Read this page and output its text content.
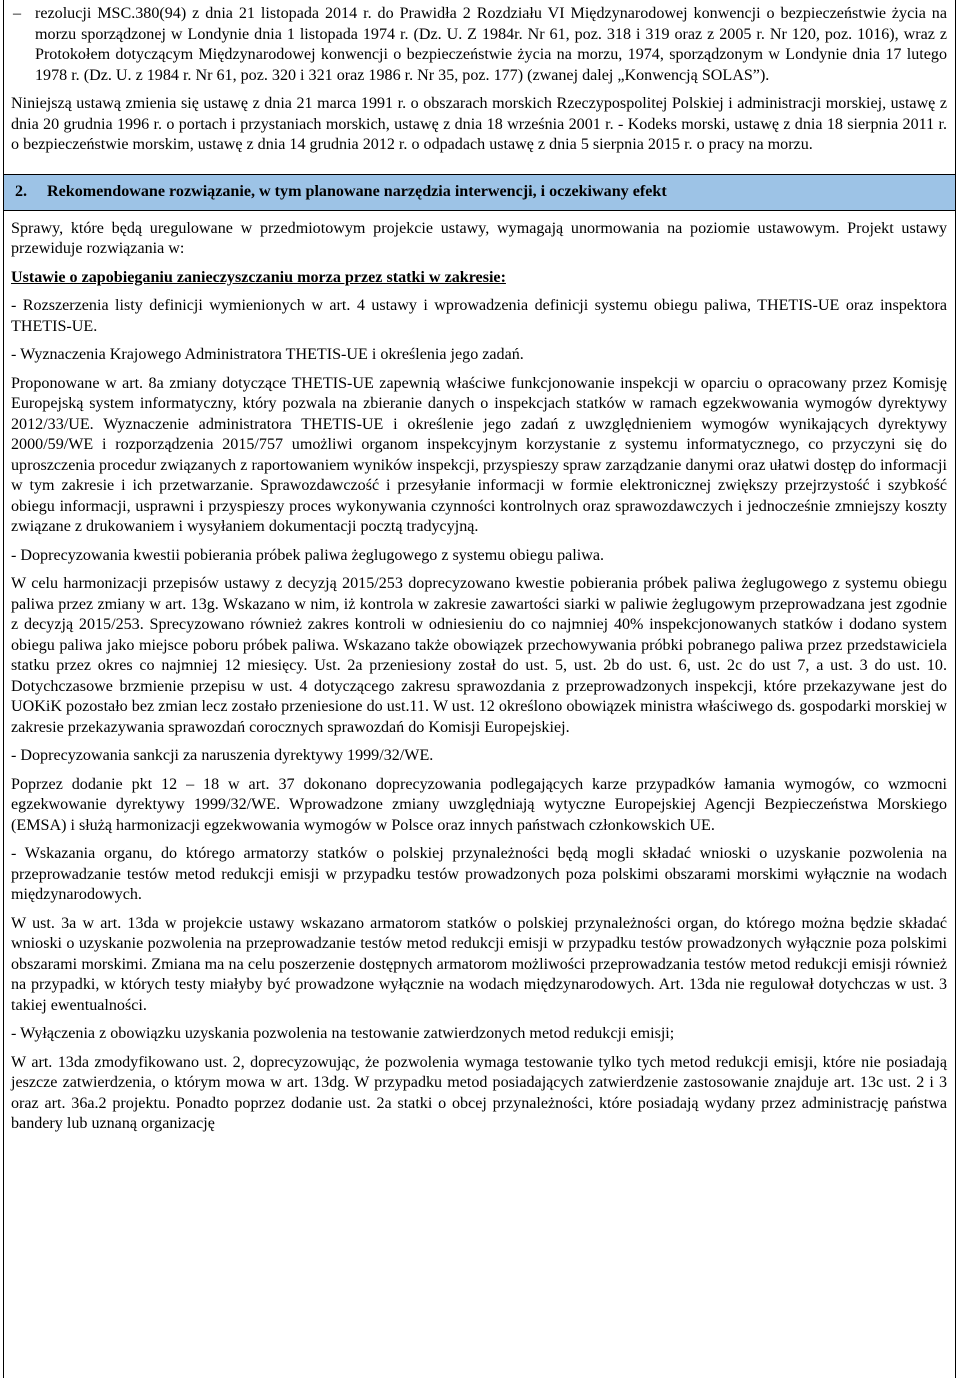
– rezolucji MSC.380(94) z dnia 21 listopada 2014 r. do Prawidła 2 Rozdziału VI Międzynarodowej konwencji o bezpieczeństwie życia na morzu sporządzonej w Londynie dnia 1 listopada 1974 r. (Dz. U. Z 1984r. Nr 61, poz. 318 i 319 oraz z 2005 r. Nr 120, poz. 1016), wraz z Protokołem dotyczącym Międzynarodowej konwencji o bezpieczeństwie życia na morzu, 1974, sporządzonym w Londynie dnia 17 lutego 1978 r. (Dz. U. z 1984 r. Nr 61, poz. 320 i 321 oraz 1986 r. Nr 35, poz. 177) (zwanej dalej „Konwencją SOLAS”).

Niniejszą ustawą zmienia się ustawę z dnia 21 marca 1991 r. o obszarach morskich Rzeczypospolitej Polskiej i administracji morskiej, ustawę z dnia 20 grudnia 1996 r. o portach i przystaniach morskich, ustawę z dnia 18 września 2001 r. - Kodeks morski, ustawę z dnia 18 sierpnia 2011 r. o bezpieczeństwie morskim, ustawę z dnia 14 grudnia 2012 r. o odpadach ustawę z dnia 5 sierpnia 2015 r. o pracy na morzu.

2.	Rekomendowane rozwiązanie, w tym planowane narzędzia interwencji, i oczekiwany efekt

Sprawy, które będą uregulowane w przedmiotowym projekcie ustawy, wymagają unormowania na poziomie ustawowym. Projekt ustawy przewiduje rozwiązania w:

Ustawie o zapobieganiu zanieczyszczaniu morza przez statki w zakresie:

- Rozszerzenia listy definicji wymienionych w art. 4 ustawy i wprowadzenia definicji systemu obiegu paliwa, THETIS-UE oraz inspektora THETIS-UE.

- Wyznaczenia Krajowego Administratora THETIS-UE i określenia jego zadań.

Proponowane w art. 8a zmiany dotyczące THETIS-UE zapewnią właściwe funkcjonowanie inspekcji w oparciu o opracowany przez Komisję Europejską system informatyczny, który pozwala na zbieranie danych o inspekcjach statków w ramach egzekwowania wymogów dyrektywy 2012/33/UE. Wyznaczenie administratora THETIS-UE i określenie jego zadań z uwzględnieniem wymogów wynikających dyrektywy 2000/59/WE i rozporządzenia 2015/757 umożliwi organom inspekcyjnym korzystanie z systemu informatycznego, co przyczyni się do uproszczenia procedur związanych z raportowaniem wyników inspekcji, przyspieszy spraw zarządzanie danymi oraz ułatwi dostęp do informacji w tym zakresie i ich przetwarzanie. Sprawozdawczość i przesyłanie informacji w formie elektronicznej zwiększy przejrzystość i szybkość obiegu informacji, usprawni i przyspieszy proces wykonywania czynności kontrolnych oraz sprawozdawczych i jednocześnie zmniejszy koszty związane z drukowaniem i wysyłaniem dokumentacji pocztą tradycyjną.

- Doprecyzowania kwestii pobierania próbek paliwa żeglugowego z systemu obiegu paliwa.

W celu harmonizacji przepisów ustawy z decyzją 2015/253 doprecyzowano kwestie pobierania próbek paliwa żeglugowego z systemu obiegu paliwa przez zmiany w art. 13g. Wskazano w nim, iż kontrola w zakresie zawartości siarki w paliwie żeglugowym przeprowadzana jest zgodnie z decyzją 2015/253. Sprecyzowano również zakres kontroli w odniesieniu do co najmniej 40% inspekcjonowanych statków i dodano system obiegu paliwa jako miejsce poboru próbek paliwa. Wskazano także obowiązek przechowywania próbki pobranego paliwa przez przedstawiciela statku przez okres co najmniej 12 miesięcy. Ust. 2a przeniesiony został do ust. 5, ust. 2b do ust. 6, ust. 2c do ust 7, a ust. 3 do ust. 10. Dotychczasowe brzmienie przepisu w ust. 4 dotyczącego zakresu sprawozdania z przeprowadzonych inspekcji, które przekazywane jest do UOKiK pozostało bez zmian lecz zostało przeniesione do ust.11. W ust. 12 określono obowiązek ministra właściwego ds. gospodarki morskiej w zakresie przekazywania sprawozdań corocznych sprawozdań do Komisji Europejskiej.

- Doprecyzowania sankcji za naruszenia dyrektywy 1999/32/WE.

Poprzez dodanie pkt 12 – 18 w art. 37 dokonano doprecyzowania podlegających karze przypadków łamania wymogów, co wzmocni egzekwowanie dyrektywy 1999/32/WE. Wprowadzone zmiany uwzględniają wytyczne Europejskiej Agencji Bezpieczeństwa Morskiego (EMSA) i służą harmonizacji egzekwowania wymogów w Polsce oraz innych państwach członkowskich UE.

- Wskazania organu, do którego armatorzy statków o polskiej przynależności będą mogli składać wnioski o uzyskanie pozwolenia na przeprowadzanie testów metod redukcji emisji w przypadku testów prowadzonych poza polskimi obszarami morskimi wyłącznie na wodach międzynarodowych.

W ust. 3a w art. 13da w projekcie ustawy wskazano armatorom statków o polskiej przynależności organ, do którego można będzie składać wnioski o uzyskanie pozwolenia na przeprowadzanie testów metod redukcji emisji w przypadku testów prowadzonych wyłącznie poza polskimi obszarami morskimi. Zmiana ma na celu poszerzenie dostępnych armatorom możliwości przeprowadzania testów metod redukcji emisji również na przypadki, w których testy miałyby być prowadzone wyłącznie na wodach międzynarodowych. Art. 13da nie regulował dotychczas w ust. 3 takiej ewentualności.

- Wyłączenia z obowiązku uzyskania pozwolenia na testowanie zatwierdzonych metod redukcji emisji;

W art. 13da zmodyfikowano ust. 2, doprecyzowując, że pozwolenia wymaga testowanie tylko tych metod redukcji emisji, które nie posiadają jeszcze zatwierdzenia, o którym mowa w art. 13dg. W przypadku metod posiadających zatwierdzenie zastosowanie znajduje art. 13c ust. 2 i 3 oraz art. 36a.2 projektu. Ponadto poprzez dodanie ust. 2a statki o obcej przynależności, które posiadają wydany przez administrację państwa bandery lub uznaną organizację
